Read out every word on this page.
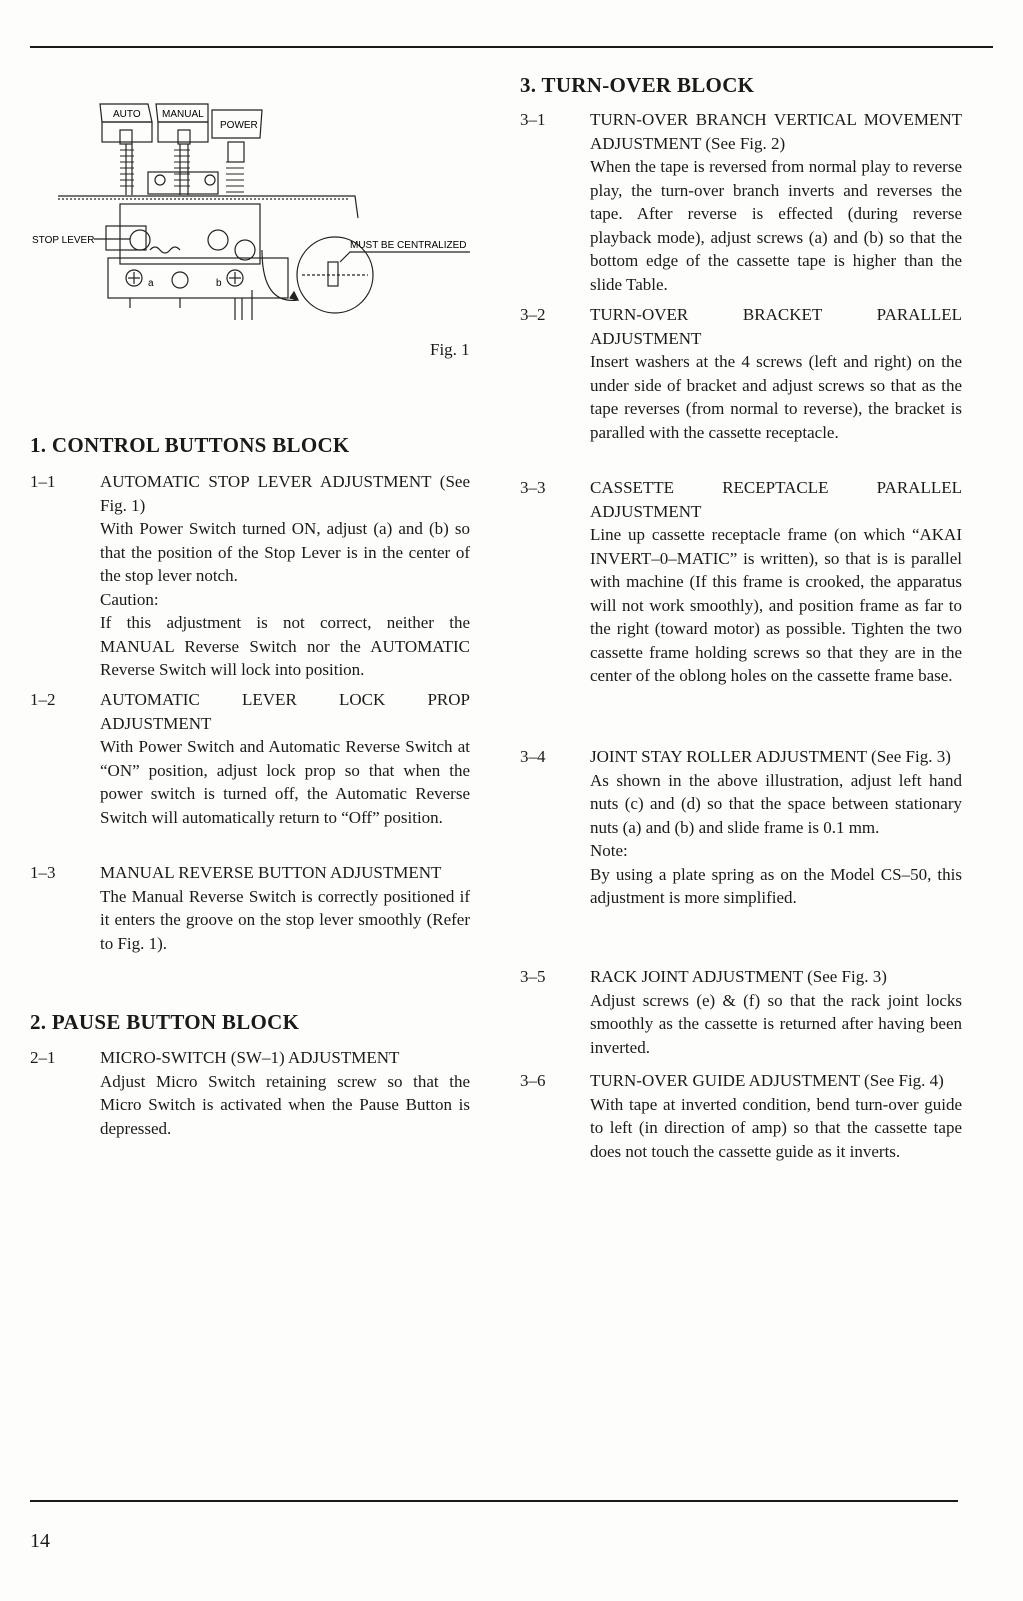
AUTO MANUAL
POWER
STOP LEVER	MUST BE CENTRALIZED
a	b
Fig. 1
1. CONTROL BUTTONS BLOCK
1–1	AUTOMATIC STOP LEVER ADJUSTMENT (See Fig. 1)

With Power Switch turned ON, adjust (a) and (b) so that the position of the Stop Lever is in the center of the stop lever notch.

Caution:

If this adjustment is not correct, neither the MANUAL Reverse Switch nor the AUTOMATIC Reverse Switch will lock into position.

1–2	AUTOMATIC LEVER LOCK PROP ADJUSTMENT

With Power Switch and Automatic Reverse Switch at “ON” position, adjust lock prop so that when the power switch is turned off, the Automatic Reverse Switch will automatically return to “Off” position.

1–3	MANUAL REVERSE BUTTON ADJUSTMENT

The Manual Reverse Switch is correctly positioned if it enters the groove on the stop lever smoothly (Refer to Fig. 1).

2. PAUSE BUTTON BLOCK
2–1	MICRO-SWITCH (SW–1) ADJUSTMENT

Adjust Micro Switch retaining screw so that the Micro Switch is activated when the Pause Button is depressed.

3. TURN-OVER BLOCK
3–1	TURN-OVER BRANCH VERTICAL MOVEMENT ADJUSTMENT (See Fig. 2)

When the tape is reversed from normal play to reverse play, the turn-over branch inverts and reverses the tape. After reverse is effected (during reverse playback mode), adjust screws (a) and (b) so that the bottom edge of the cassette tape is higher than the slide Table.

3–2	TURN-OVER BRACKET PARALLEL ADJUSTMENT

Insert washers at the 4 screws (left and right) on the under side of bracket and adjust screws so that as the tape reverses (from normal to reverse), the bracket is paralled with the cassette receptacle.

3–3	CASSETTE RECEPTACLE PARALLEL ADJUSTMENT

Line up cassette receptacle frame (on which “AKAI INVERT–0–MATIC” is written), so that is is parallel with machine (If this frame is crooked, the apparatus will not work smoothly), and position frame as far to the right (toward motor) as possible. Tighten the two cassette frame holding screws so that they are in the center of the oblong holes on the cassette frame base.

3–4	JOINT STAY ROLLER ADJUSTMENT (See Fig. 3)

As shown in the above illustration, adjust left hand nuts (c) and (d) so that the space between stationary nuts (a) and (b) and slide frame is 0.1 mm.

Note:

By using a plate spring as on the Model CS–50, this adjustment is more simplified.

3–5	RACK JOINT ADJUSTMENT (See Fig. 3)

Adjust screws (e) & (f) so that the rack joint locks smoothly as the cassette is returned after having been inverted.

3–6	TURN-OVER GUIDE ADJUSTMENT (See Fig. 4)

With tape at inverted condition, bend turn-over guide to left (in direction of amp) so that the cassette tape does not touch the cassette guide as it inverts.

14
